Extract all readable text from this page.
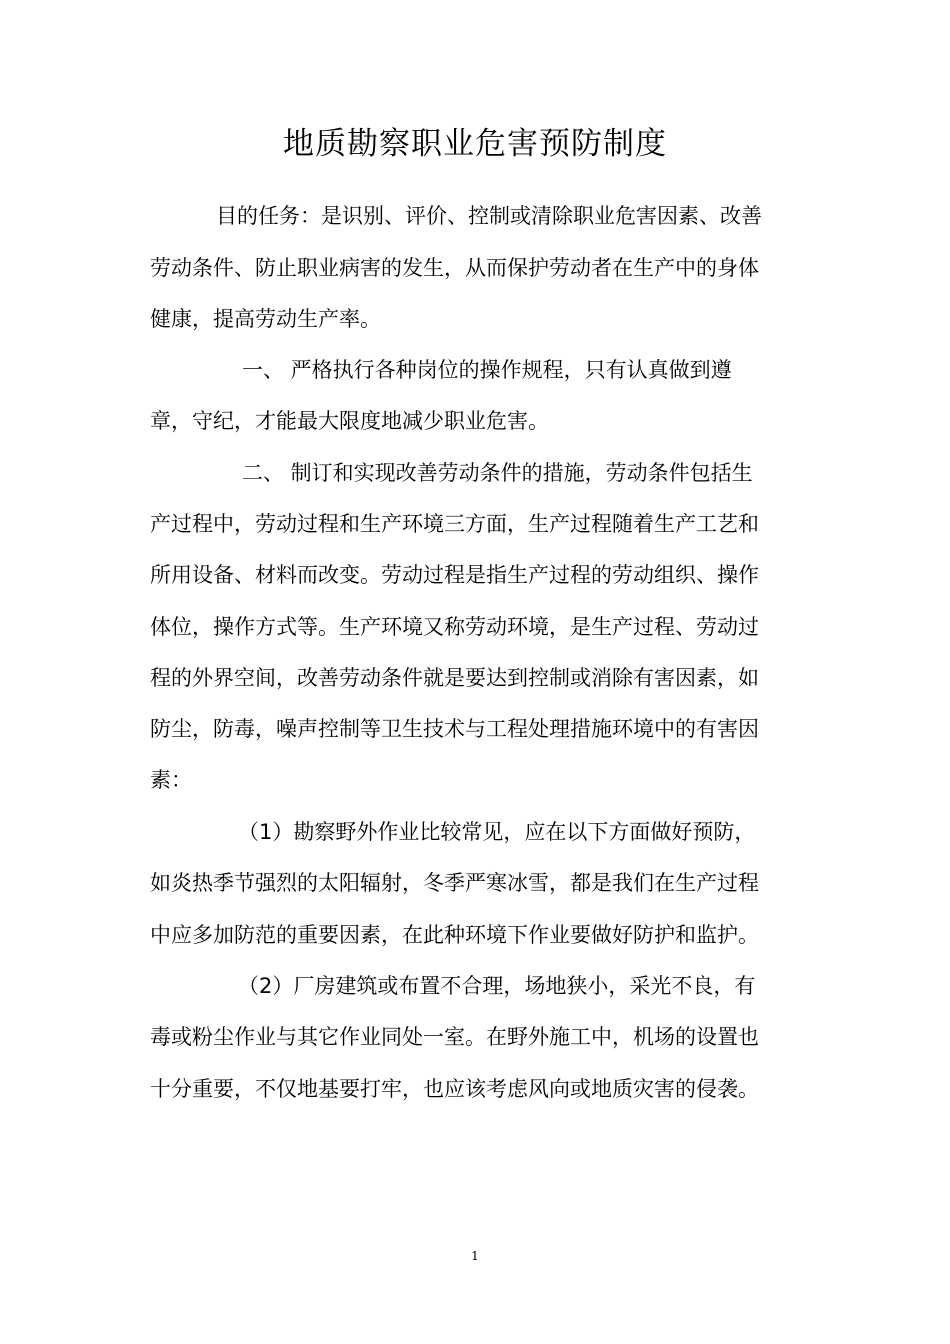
地质勘察职业危害预防制度

目的任务：是识别、评价、控制或清除职业危害因素、改善

劳动条件、防止职业病害的发生，从而保护劳动者在生产中的身体

健康，提高劳动生产率。

一、 严格执行各种岗位的操作规程，只有认真做到遵

章，守纪，才能最大限度地减少职业危害。

二、 制订和实现改善劳动条件的措施，劳动条件包括生

产过程中，劳动过程和生产环境三方面，生产过程随着生产工艺和

所用设备、材料而改变。劳动过程是指生产过程的劳动组织、操作

体位，操作方式等。生产环境又称劳动环境，是生产过程、劳动过

程的外界空间，改善劳动条件就是要达到控制或消除有害因素，如

防尘，防毒，噪声控制等卫生技术与工程处理措施环境中的有害因

素：

（1）勘察野外作业比较常见，应在以下方面做好预防，

如炎热季节强烈的太阳辐射，冬季严寒冰雪，都是我们在生产过程

中应多加防范的重要因素，在此种环境下作业要做好防护和监护。

（2）厂房建筑或布置不合理，场地狭小，采光不良，有

毒或粉尘作业与其它作业同处一室。在野外施工中，机场的设置也

十分重要，不仅地基要打牢，也应该考虑风向或地质灾害的侵袭。

1
